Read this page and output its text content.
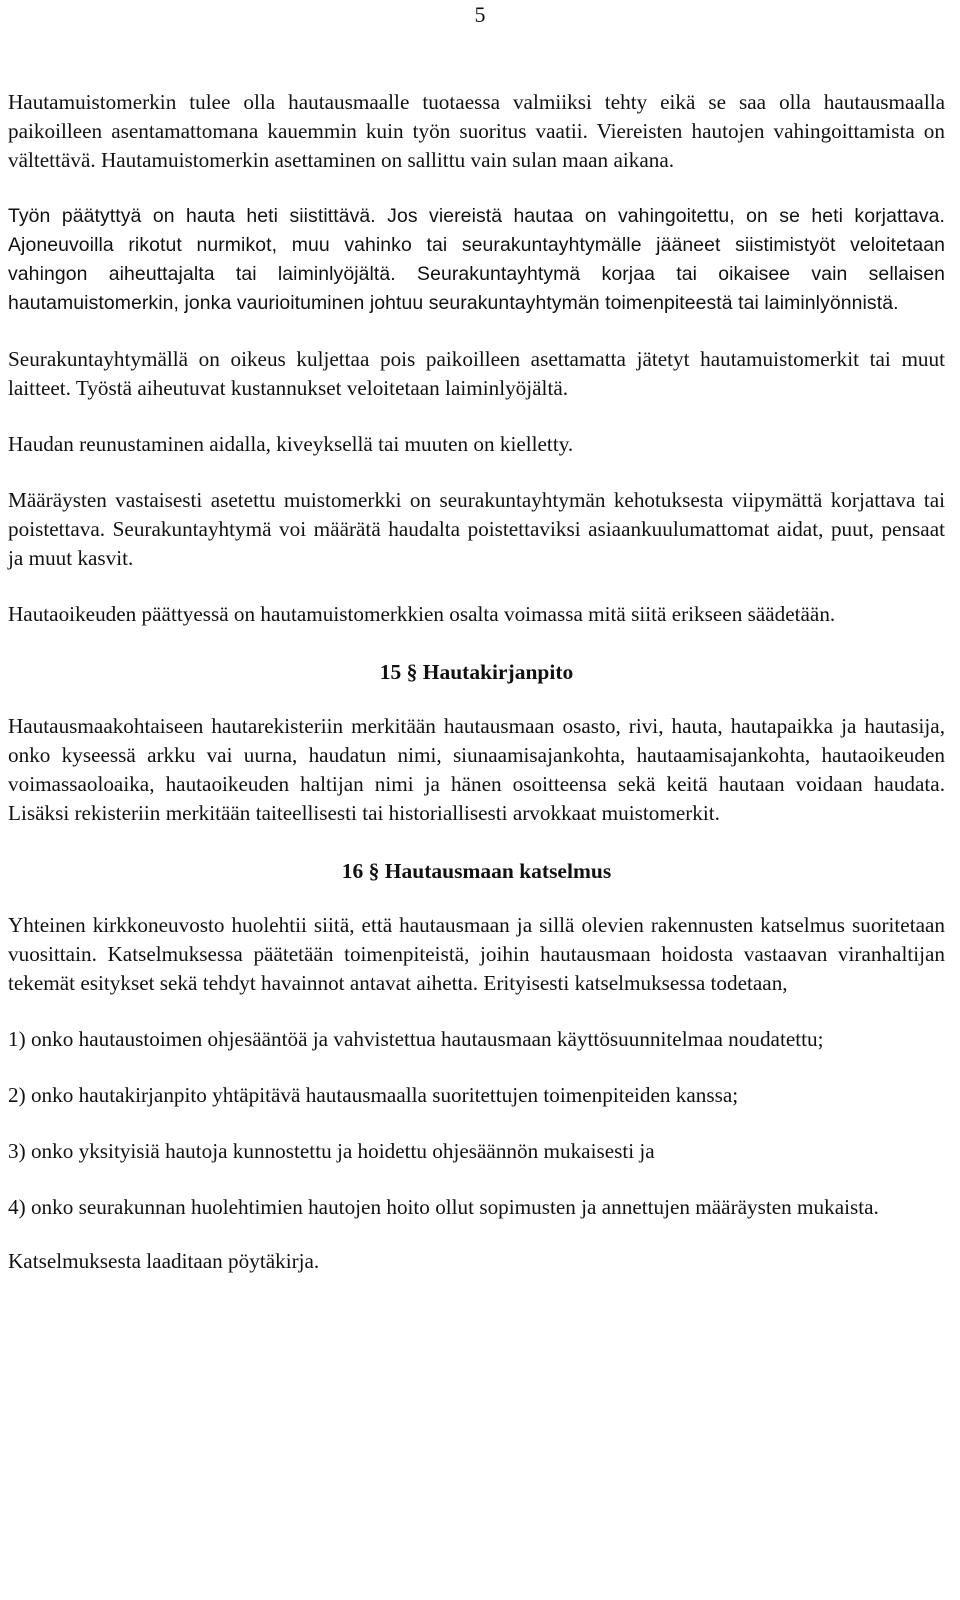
5

Hautamuistomerkin tulee olla hautausmaalle tuotaessa valmiiksi tehty eikä se saa olla hautausmaalla paikoilleen asentamattomana kauemmin kuin työn suoritus vaatii. Viereisten hautojen vahingoittamista on vältettävä. Hautamuistomerkin asettaminen on sallittu vain sulan maan aikana.

Työn päätyttyä on hauta heti siistittävä. Jos viereistä hautaa on vahingoitettu, on se heti korjattava. Ajoneuvoilla rikotut nurmikot, muu vahinko tai seurakuntayhtymälle jääneet siistimistyöt veloitetaan vahingon aiheuttajalta tai laiminlyöjältä. Seurakuntayhtymä korjaa tai oikaisee vain sellaisen hautamuistomerkin, jonka vaurioituminen johtuu seurakuntayhtymän toimenpiteestä tai laiminlyönnistä.

Seurakuntayhtymällä on oikeus kuljettaa pois paikoilleen asettamatta jätetyt hautamuistomerkit tai muut laitteet. Työstä aiheutuvat kustannukset veloitetaan laiminlyöjältä.

Haudan reunustaminen aidalla, kiveyksellä tai muuten on kielletty.

Määräysten vastaisesti asetettu muistomerkki on seurakuntayhtymän kehotuksesta viipymättä korjattava tai poistettava. Seurakuntayhtymä voi määrätä haudalta poistettaviksi asiaankuulumattomat aidat, puut, pensaat ja muut kasvit.

Hautaoikeuden päättyessä on hautamuistomerkkien osalta voimassa mitä siitä erikseen säädetään.

15 § Hautakirjanpito

Hautausmaakohtaiseen hautarekisteriin merkitään hautausmaan osasto, rivi, hauta, hautapaikka ja hautasija, onko kyseessä arkku vai uurna, haudatun nimi, siunaamisajankohta, hautaamisajankohta, hautaoikeuden voimassaoloaika, hautaoikeuden haltijan nimi ja hänen osoitteensa sekä keitä hautaan voidaan haudata. Lisäksi rekisteriin merkitään taiteellisesti tai historiallisesti arvokkaat muistomerkit.

16 § Hautausmaan katselmus

Yhteinen kirkkoneuvosto huolehtii siitä, että hautausmaan ja sillä olevien rakennusten katselmus suoritetaan vuosittain. Katselmuksessa päätetään toimenpiteistä, joihin hautausmaan hoidosta vastaavan viranhaltijan tekemät esitykset sekä tehdyt havainnot antavat aihetta. Erityisesti katselmuksessa todetaan,

1) onko hautaustoimen ohjesääntöä ja vahvistettua hautausmaan käyttösuunnitelmaa noudatettu;

2) onko hautakirjanpito yhtäpitävä hautausmaalla suoritettujen toimenpiteiden kanssa;

3) onko yksityisiä hautoja kunnostettu ja hoidettu ohjesäännön mukaisesti ja

4) onko seurakunnan huolehtimien hautojen hoito ollut sopimusten ja annettujen määräysten mukaista.

Katselmuksesta laaditaan pöytäkirja.
